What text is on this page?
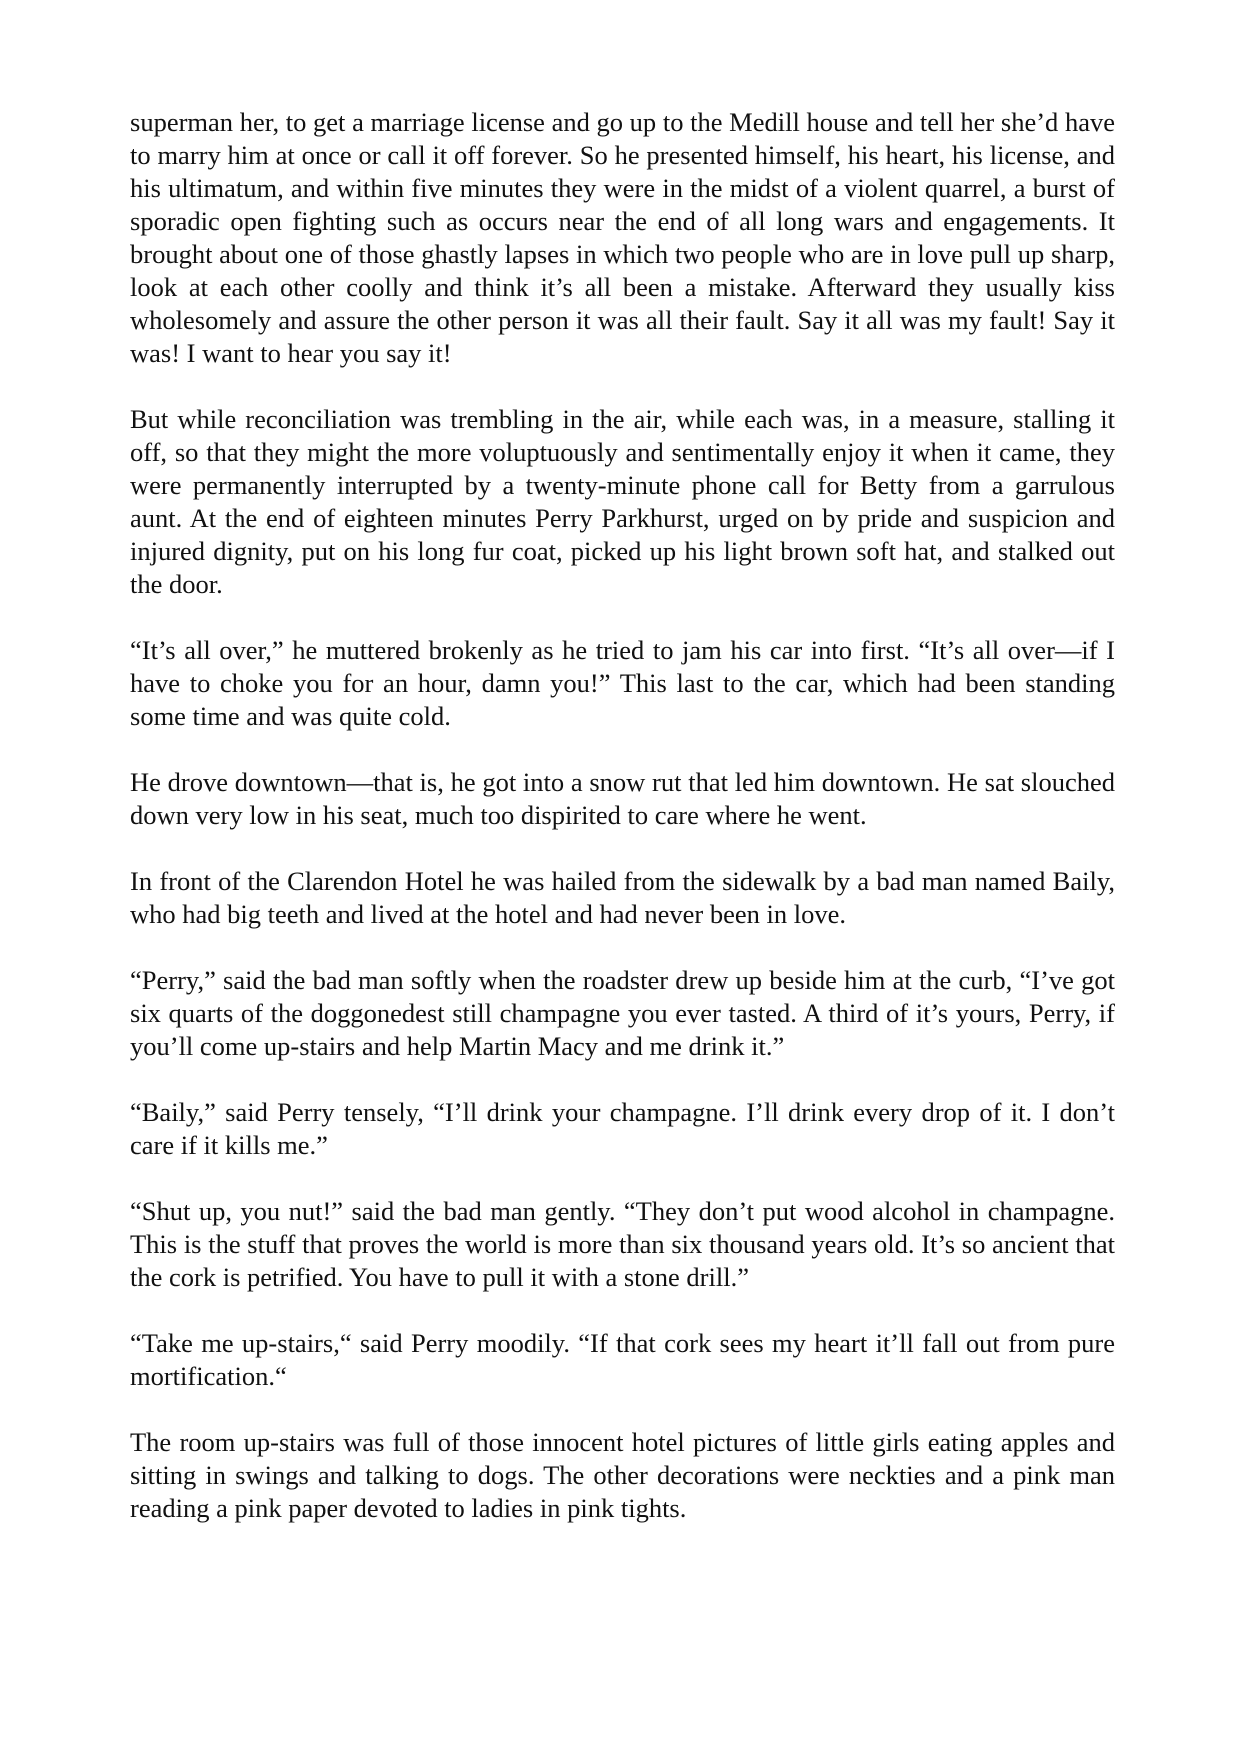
superman her, to get a marriage license and go up to the Medill house and tell her she’d have to marry him at once or call it off forever. So he presented himself, his heart, his license, and his ultimatum, and within five minutes they were in the midst of a violent quarrel, a burst of sporadic open fighting such as occurs near the end of all long wars and engagements. It brought about one of those ghastly lapses in which two people who are in love pull up sharp, look at each other coolly and think it’s all been a mistake. Afterward they usually kiss wholesomely and assure the other person it was all their fault. Say it all was my fault! Say it was! I want to hear you say it!

But while reconciliation was trembling in the air, while each was, in a measure, stalling it off, so that they might the more voluptuously and sentimentally enjoy it when it came, they were permanently interrupted by a twenty-minute phone call for Betty from a garrulous aunt. At the end of eighteen minutes Perry Parkhurst, urged on by pride and suspicion and injured dignity, put on his long fur coat, picked up his light brown soft hat, and stalked out the door.

“It’s all over,” he muttered brokenly as he tried to jam his car into first. “It’s all over—if I have to choke you for an hour, damn you!” This last to the car, which had been standing some time and was quite cold.

He drove downtown—that is, he got into a snow rut that led him downtown. He sat slouched down very low in his seat, much too dispirited to care where he went.

In front of the Clarendon Hotel he was hailed from the sidewalk by a bad man named Baily, who had big teeth and lived at the hotel and had never been in love.

“Perry,” said the bad man softly when the roadster drew up beside him at the curb, “I’ve got six quarts of the doggonedest still champagne you ever tasted. A third of it’s yours, Perry, if you’ll come up-stairs and help Martin Macy and me drink it.”

“Baily,” said Perry tensely, “I’ll drink your champagne. I’ll drink every drop of it. I don’t care if it kills me.”

“Shut up, you nut!” said the bad man gently. “They don’t put wood alcohol in champagne. This is the stuff that proves the world is more than six thousand years old. It’s so ancient that the cork is petrified. You have to pull it with a stone drill.”

“Take me up-stairs,“ said Perry moodily. “If that cork sees my heart it’ll fall out from pure mortification.“

The room up-stairs was full of those innocent hotel pictures of little girls eating apples and sitting in swings and talking to dogs. The other decorations were neckties and a pink man reading a pink paper devoted to ladies in pink tights.
